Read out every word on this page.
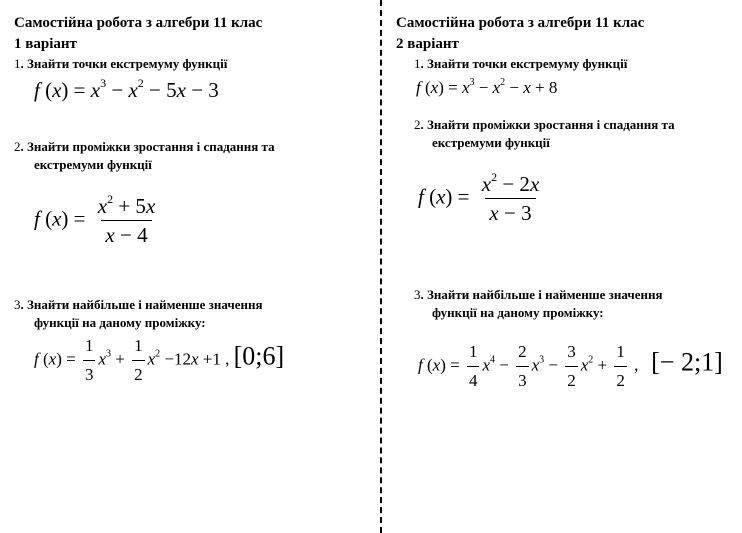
Самостійна робота з алгебри 11 клас
1 варіант
1. Знайти точки екстремуму функції
f $(x) = x^3 - x^2 - 5x - 3$
2. Знайти проміжки зростання і спадання та
екстремуми функції
f $(x) = \frac{x^2 + 5x}{x - 4}$
3. Знайти найбільше і найменше значення
функції на даному проміжку:
f $(x) = \frac{1}{3} x^3 + \frac{1}{2} x^2 -12x +1$ , [0;6]
Самостійна робота з алгебри 11 клас
2 варіант
1. Знайти точки екстремуму функції
f $(x) = x^3 - x^2 - x + 8$
2. Знайти проміжки зростання і спадання та
екстремуми функції
f $(x) = \frac{x^2 - 2x}{x - 3}$
3. Знайти найбільше і найменше значення
функції на даному проміжку:
f $(x) = \frac{1}{4} x^4 - \frac{2}{3} x^3 - \frac{3}{2} x^2 + \frac{1}{2}$ ,   [− 2;1]
